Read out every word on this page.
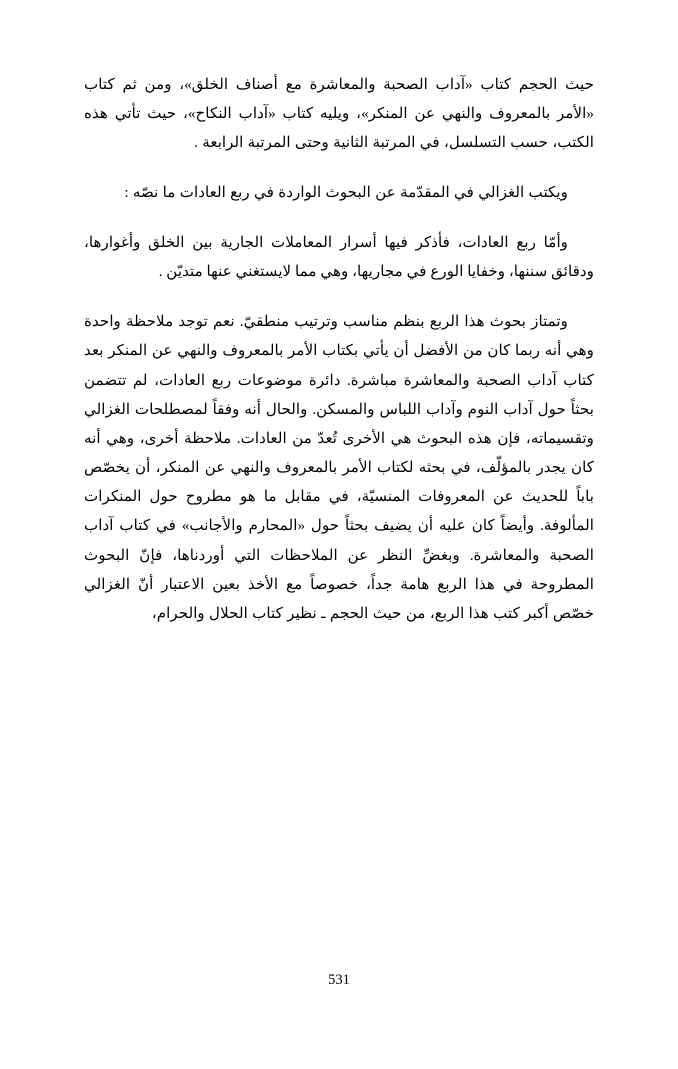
حيث الحجم كتاب «آداب الصحبة والمعاشرة مع أصناف الخلق»، ومن ثم كتاب «الأمر بالمعروف والنهي عن المنكر»، ويليه كتاب «آداب النكاح»، حيث تأتي هذه الكتب، حسب التسلسل، في المرتبة الثانية وحتى المرتبة الرابعة .

ويكتب الغزالي في المقدّمة عن البحوث الواردة في ربع العادات ما نصّه :

وأمّا ربع العادات، فأذكر فيها أسرار المعاملات الجارية بين الخلق وأغوارها، ودقائق سننها، وخفايا الورع في مجاريها، وهي مما لايستغني عنها متديّن .

وتمتاز بحوث هذا الربع بنظم مناسب وترتيب منطقيّ. نعم توجد ملاحظة واحدة وهي أنه ربما كان من الأفضل أن يأتي بكتاب الأمر بالمعروف والنهي عن المنكر بعد كتاب آداب الصحبة والمعاشرة مباشرة. دائرة موضوعات ربع العادات، لم تتضمن بحثاً حول آداب النوم وآداب اللباس والمسكن. والحال أنه وفقاً لمصطلحات الغزالي وتقسيماته، فإن هذه البحوث هي الأخرى تُعدّ من العادات. ملاحظة أخرى، وهي أنه كان يجدر بالمؤلّف، في بحثه لكتاب الأمر بالمعروف والنهي عن المنكر، أن يخصّص باباً للحديث عن المعروفات المنسيّة، في مقابل ما هو مطروح حول المنكرات المألوفة. وأيضاً كان عليه أن يضيف بحثاً حول «المحارم والأجانب» في كتاب آداب الصحبة والمعاشرة. وبغضِّ النظر عن الملاحظات التي أوردناها، فإنّ البحوث المطروحة في هذا الربع هامة جداً، خصوصاً مع الأخذ بعين الاعتبار أنّ الغزالي خصّص أكبر كتب هذا الربع، من حيث الحجم ـ نظير كتاب الحلال والحرام،

531
